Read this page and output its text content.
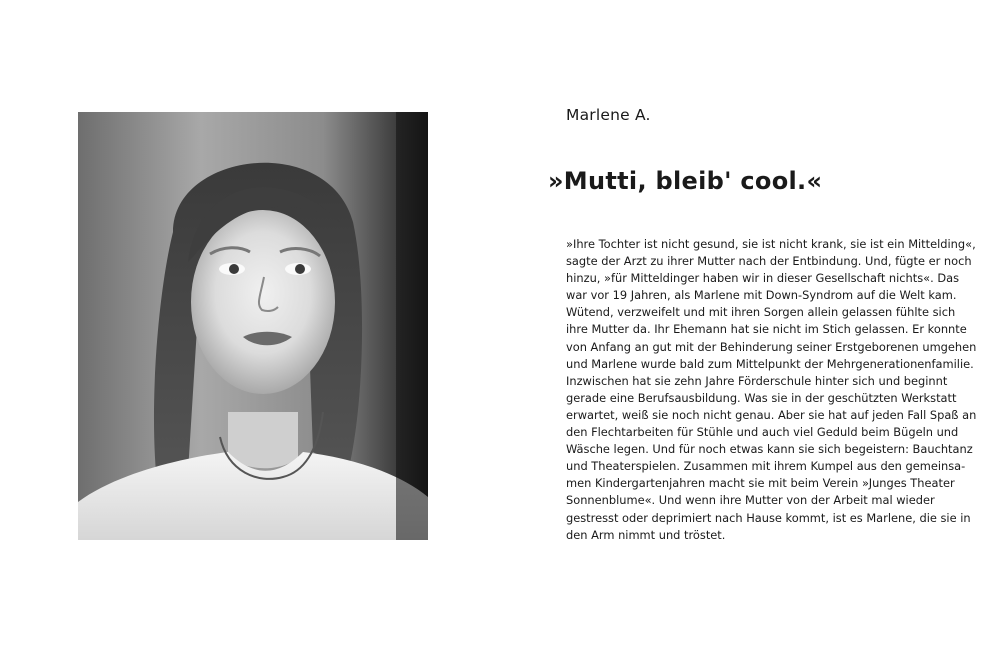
Marlene A.
»Mutti, bleib' cool.«
»Ihre Tochter ist nicht gesund, sie ist nicht krank, sie ist ein Mittelding«,
sagte der Arzt zu ihrer Mutter nach der Entbindung. Und, fügte er noch
hinzu, »für Mitteldinger haben wir in dieser Gesellschaft nichts«. Das
war vor 19 Jahren, als Marlene mit Down-Syndrom auf die Welt kam.
Wütend, verzweifelt und mit ihren Sorgen allein gelassen fühlte sich
ihre Mutter da. Ihr Ehemann hat sie nicht im Stich gelassen. Er konnte
von Anfang an gut mit der Behinderung seiner Erstgeborenen umgehen
und Marlene wurde bald zum Mittelpunkt der Mehrgenerationenfamilie.
Inzwischen hat sie zehn Jahre Förderschule hinter sich und beginnt
gerade eine Berufsausbildung. Was sie in der geschützten Werkstatt
erwartet, weiß sie noch nicht genau. Aber sie hat auf jeden Fall Spaß an
den Flechtarbeiten für Stühle und auch viel Geduld beim Bügeln und
Wäsche legen. Und für noch etwas kann sie sich begeistern: Bauchtanz
und Theaterspielen. Zusammen mit ihrem Kumpel aus den gemeinsa-
men Kindergartenjahren macht sie mit beim Verein »Junges Theater
Sonnenblume«. Und wenn ihre Mutter von der Arbeit mal wieder
gestresst oder deprimiert nach Hause kommt, ist es Marlene, die sie in
den Arm nimmt und tröstet.
